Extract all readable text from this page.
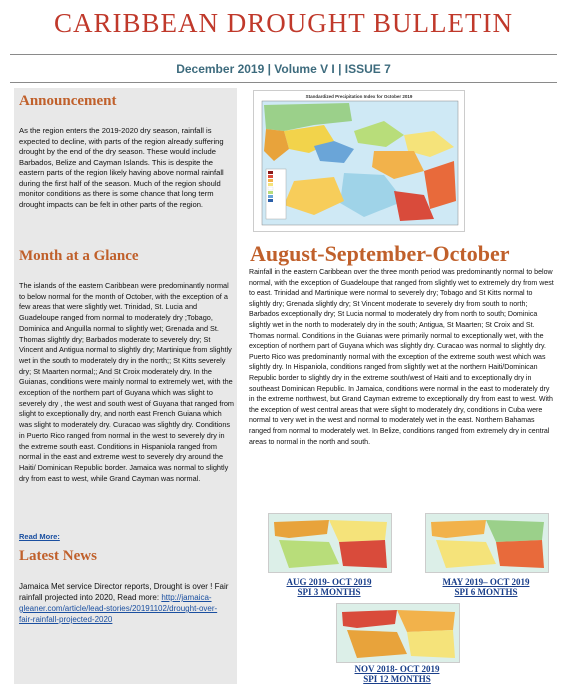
CARIBBEAN DROUGHT BULLETIN
December 2019 | Volume V I | ISSUE 7
Announcement

As the region enters the 2019-2020 dry season, rainfall is expected to decline, with parts of the region already suffering drought by the end of the dry season. These would include Barbados, Belize and Cayman Islands. This is despite the eastern parts of the region likely having above normal rainfall during the first half of the season. Much of the region should monitor conditions as there is some chance that long term drought impacts can be felt in other parts of the region.

Month at a Glance

The islands of the eastern Caribbean were predominantly normal to below normal for the month of October, with the exception of a few areas that were slightly wet. Trinidad, St. Lucia and Guadeloupe ranged from normal to moderately dry ;Tobago, Dominica and Anguilla normal to slightly wet; Grenada and St. Thomas slightly dry; Barbados moderate to severely dry; St Vincent and Antigua normal to slightly dry; Martinique from slightly wet in the south to moderately dry in the north;; St Kitts severely dry; St Maarten normal;; And St Croix moderately dry. In the Guianas, conditions were mainly normal to extremely wet, with the exception of the northern part of Guyana which was slight to severely dry , the west and south west of Guyana that ranged from slight to exceptionally dry, and north east French Guiana which was slight to moderately dry. Curacao was slightly dry. Conditions in Puerto Rico ranged from normal in the west to severely dry in the extreme south east. Conditions in Hispaniola ranged from normal in the east and extreme west to severely dry around the Haiti/ Dominican Republic border. Jamaica was normal to slightly dry from east to west, while Grand Cayman was normal.

Latest News
Read More:

Jamaica Met service Director reports, Drought is over ! Fair rainfall projected into 2020, Read more: http://jamaica-gleaner.com/article/lead-stories/20191102/drought-over-fair-rainfall-projected-2020

Standardized Precipitation Index for October 2019
August-September-October

Rainfall in the eastern Caribbean over the three month period was predominantly normal to below normal, with the exception of Guadeloupe that ranged from slightly wet to extremely dry from west to east. Trinidad and Martinique were normal to severely dry; Tobago and St Kitts normal to slightly dry; Grenada slightly dry; St Vincent moderate to severely dry from south to north; Barbados exceptionally dry; St Lucia normal to moderately dry from north to south; Dominica slightly wet in the north to moderately dry in the south; Antigua, St Maarten; St Croix and St. Thomas normal. Conditions in the Guianas were primarily normal to exceptionally wet, with the exception of northern part of Guyana which was slightly dry. Curacao was normal to slightly dry. Puerto Rico was predominantly normal with the exception of the extreme south west which was slightly dry. In Hispaniola, conditions ranged from slightly wet at the northern Haiti/Dominican Republic border to slightly dry in the extreme south/west of Haiti and to exceptionally dry in southeast Dominican Republic. In Jamaica, conditions were normal in the east to moderately dry in the extreme northwest, but Grand Cayman extreme to exceptionally dry from east to west. With the exception of west central areas that were slight to moderately dry, conditions in Cuba were normal to very wet in the west and normal to moderately wet in the east. Northern Bahamas ranged from normal to moderately wet. In Belize, conditions ranged from extremely dry in central areas to normal in the north and south.

AUG 2019- OCT 2019
SPI 3 MONTHS
MAY 2019– OCT 2019
SPI 6 MONTHS
NOV 2018- OCT 2019
SPI 12 MONTHS
